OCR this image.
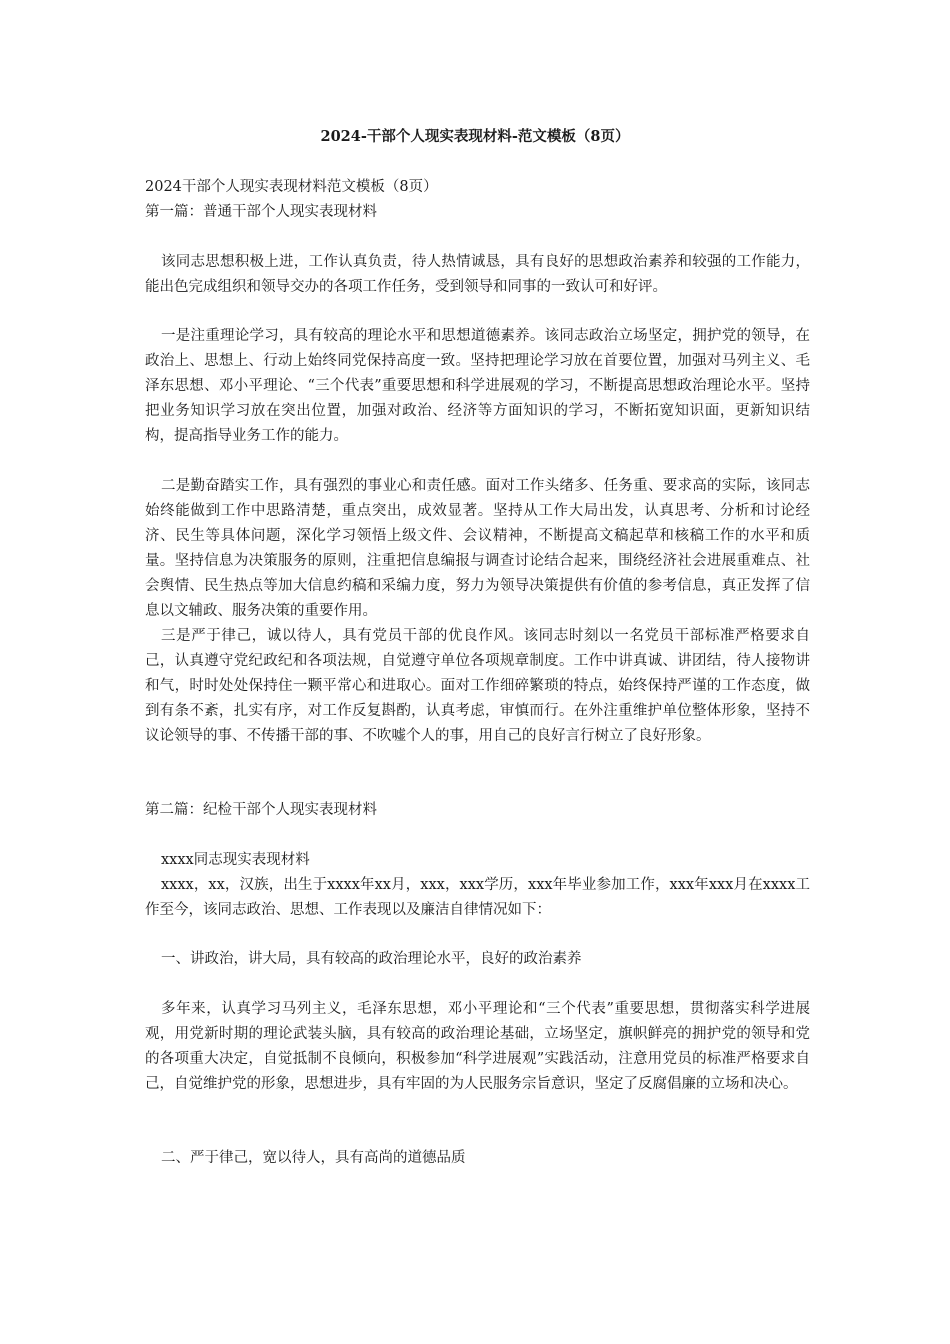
2024-干部个人现实表现材料-范文模板（8页）
2024干部个人现实表现材料范文模板（8页）
第一篇：普通干部个人现实表现材料
该同志思想积极上进，工作认真负责，待人热情诚恳，具有良好的思想政治素养和较强的工作能力，能出色完成组织和领导交办的各项工作任务，受到领导和同事的一致认可和好评。
一是注重理论学习，具有较高的理论水平和思想道德素养。该同志政治立场坚定，拥护党的领导，在政治上、思想上、行动上始终同党保持高度一致。坚持把理论学习放在首要位置，加强对马列主义、毛泽东思想、邓小平理论、“三个代表”重要思想和科学进展观的学习，不断提高思想政治理论水平。坚持把业务知识学习放在突出位置，加强对政治、经济等方面知识的学习，不断拓宽知识面，更新知识结构，提高指导业务工作的能力。
二是勤奋踏实工作，具有强烈的事业心和责任感。面对工作头绪多、任务重、要求高的实际，该同志始终能做到工作中思路清楚，重点突出，成效显著。坚持从工作大局出发，认真思考、分析和讨论经济、民生等具体问题，深化学习领悟上级文件、会议精神，不断提高文稿起草和核稿工作的水平和质量。坚持信息为决策服务的原则，注重把信息编报与调查讨论结合起来，围绕经济社会进展重难点、社会舆情、民生热点等加大信息约稿和采编力度，努力为领导决策提供有价值的参考信息，真正发挥了信息以文辅政、服务决策的重要作用。
三是严于律己，诚以待人，具有党员干部的优良作风。该同志时刻以一名党员干部标准严格要求自己，认真遵守党纪政纪和各项法规，自觉遵守单位各项规章制度。工作中讲真诚、讲团结，待人接物讲和气，时时处处保持住一颗平常心和进取心。面对工作细碎繁琐的特点，始终保持严谨的工作态度，做到有条不紊，扎实有序，对工作反复斟酌，认真考虑，审慎而行。在外注重维护单位整体形象，坚持不议论领导的事、不传播干部的事、不吹嘘个人的事，用自己的良好言行树立了良好形象。
第二篇：纪检干部个人现实表现材料
xxxx同志现实表现材料
xxxx，xx，汉族，出生于xxxx年xx月，xxx，xxx学历，xxx年毕业参加工作，xxx年xxx月在xxxx工作至今，该同志政治、思想、工作表现以及廉洁自律情况如下：
一、讲政治，讲大局，具有较高的政治理论水平，良好的政治素养
多年来，认真学习马列主义，毛泽东思想，邓小平理论和“三个代表”重要思想，贯彻落实科学进展观，用党新时期的理论武装头脑，具有较高的政治理论基础，立场坚定，旗帜鲜亮的拥护党的领导和党的各项重大决定，自觉抵制不良倾向，积极参加“科学进展观”实践活动，注意用党员的标准严格要求自己，自觉维护党的形象，思想进步，具有牢固的为人民服务宗旨意识，坚定了反腐倡廉的立场和决心。
二、严于律己，宽以待人，具有高尚的道德品质
